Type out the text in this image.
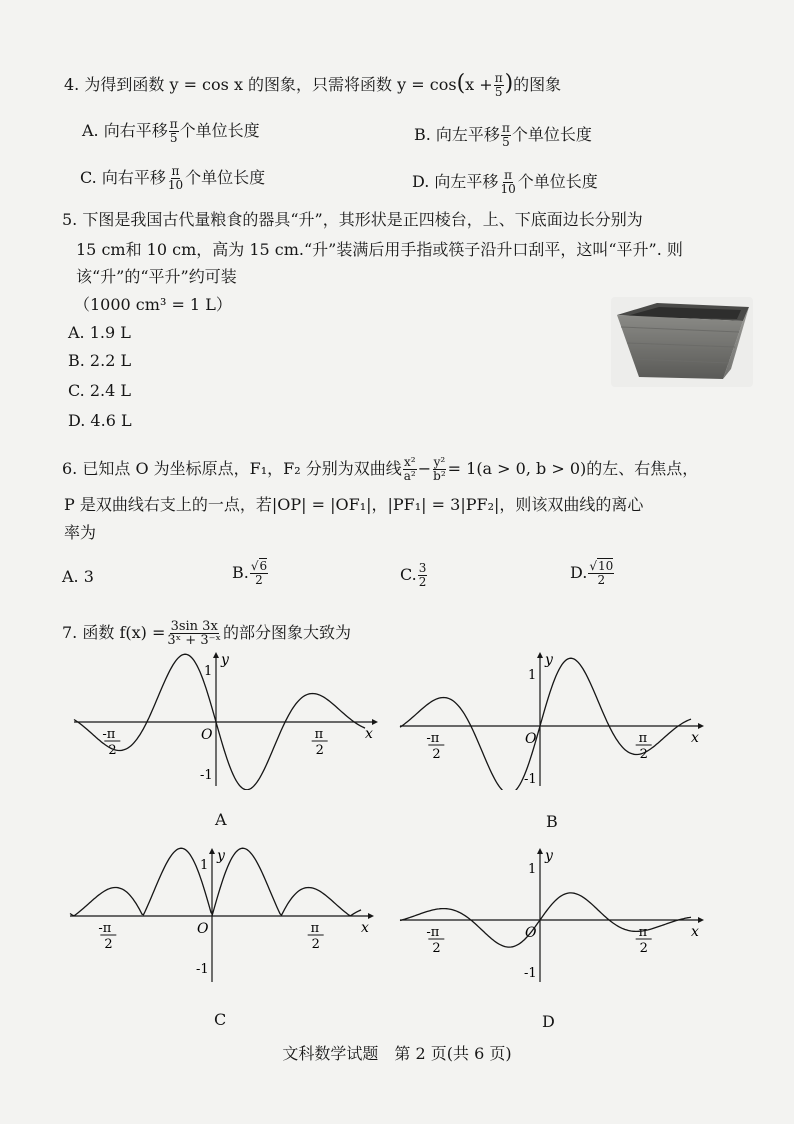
4. 为得到函数 y = cos x 的图象，只需将函数 $y = \cos(x + \frac{\pi}{5}$ )的图象
A. 向右平移 $\frac{\pi}{5}$ 个单位长度	B. 向左平移 $\frac{\pi}{5}$ 个单位长度
C. 向右平移 $\frac{\pi}{10}$ 个单位长度	D. 向左平移 $\frac{\pi}{10}$ 个单位长度
5. 下图是我国古代量粮食的器具“升”，其形状是正四棱台，上、下底面边长分别为
15 cm和 10 cm，高为 15 cm.“升”装满后用手指或筷子沿升口刮平，这叫“平升”. 则
该“升”的“平升”约可装
（1000 cm³ = 1 L）
A. 1.9 L
B. 2.2 L
C. 2.4 L
D. 4.6 L
6. 已知点 O 为坐标原点，F₁，F₂ 分别为双曲线 $\frac{\text{x²}}{\text{a²}} - \frac{\text{y²}}{\text{b²}} = 1(a > 0$, b > 0)的左、右焦点，
P 是双曲线右支上的一点，若|OP| = |OF₁|，|PF₁| = 3|PF₂|，则该双曲线的离心
率为
A. 3	B. $\frac{√6}{2}$	C. $\frac{3}{2}$	D. $\frac{√10}{2}$
7. 函数 $f(x) = \frac{3\sin 3x}{\text{3ˣ + 3⁻ˣ}}$ 的部分图象大致为
y
x
O
1
-1
-π
2
π
2
y
x
O
1
-1
-π
2
π
2
y
x
O
1
-1
-π
2
π
2
y
x
O
1
-1
-π
2
π
2
A	B
C	D
文科数学试题　第 2 页(共 6 页)
